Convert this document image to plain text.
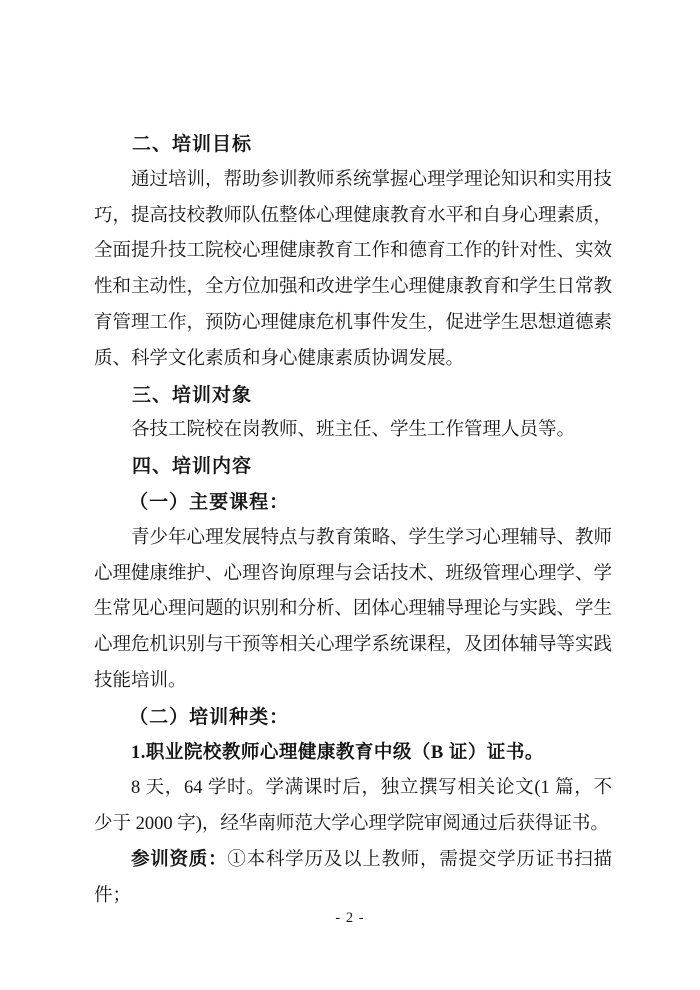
二、培训目标

通过培训，帮助参训教师系统掌握心理学理论知识和实用技巧，提高技校教师队伍整体心理健康教育水平和自身心理素质，全面提升技工院校心理健康教育工作和德育工作的针对性、实效性和主动性，全方位加强和改进学生心理健康教育和学生日常教育管理工作，预防心理健康危机事件发生，促进学生思想道德素质、科学文化素质和身心健康素质协调发展。

三、培训对象

各技工院校在岗教师、班主任、学生工作管理人员等。

四、培训内容
（一）主要课程：

青少年心理发展特点与教育策略、学生学习心理辅导、教师心理健康维护、心理咨询原理与会话技术、班级管理心理学、学生常见心理问题的识别和分析、团体心理辅导理论与实践、学生心理危机识别与干预等相关心理学系统课程，及团体辅导等实践技能培训。

（二）培训种类：

1.职业院校教师心理健康教育中级（B 证）证书。

8 天，64 学时。学满课时后，独立撰写相关论文(1 篇，不少于 2000 字)，经华南师范大学心理学院审阅通过后获得证书。

参训资质：①本科学历及以上教师，需提交学历证书扫描件；

- 2 -
